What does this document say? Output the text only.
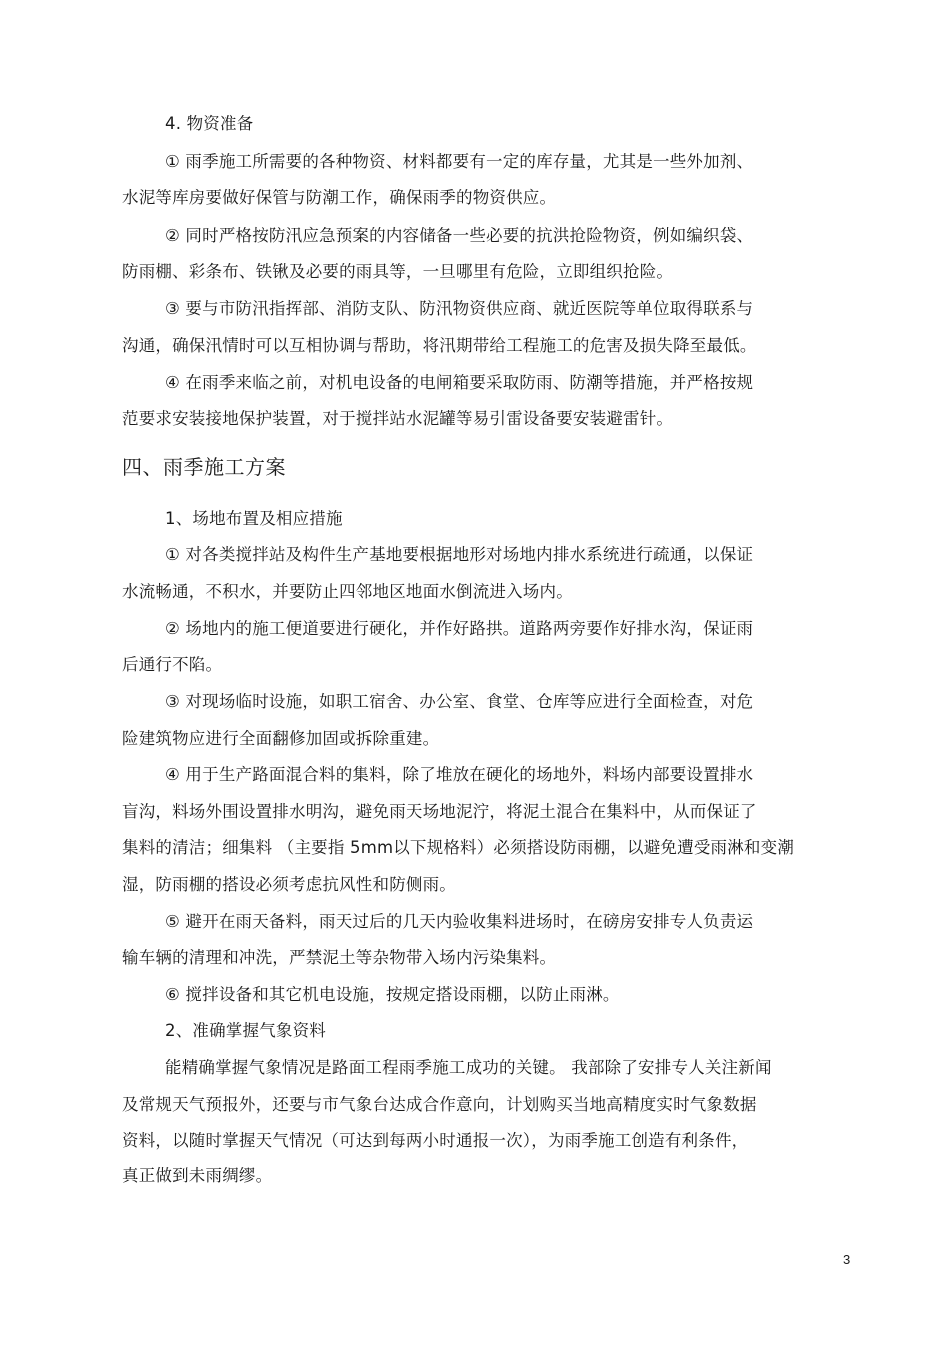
4. 物资准备
① 雨季施工所需要的各种物资、材料都要有一定的库存量，尤其是一些外加剂、
水泥等库房要做好保管与防潮工作，确保雨季的物资供应。
② 同时严格按防汛应急预案的内容储备一些必要的抗洪抢险物资，例如编织袋、
防雨棚、彩条布、铁锹及必要的雨具等，一旦哪里有危险，立即组织抢险。
③ 要与市防汛指挥部、消防支队、防汛物资供应商、就近医院等单位取得联系与
沟通，确保汛情时可以互相协调与帮助，将汛期带给工程施工的危害及损失降至最低。
④ 在雨季来临之前，对机电设备的电闸箱要采取防雨、防潮等措施，并严格按规
范要求安装接地保护装置，对于搅拌站水泥罐等易引雷设备要安装避雷针。
四、雨季施工方案
1、场地布置及相应措施
① 对各类搅拌站及构件生产基地要根据地形对场地内排水系统进行疏通，以保证
水流畅通，不积水，并要防止四邻地区地面水倒流进入场内。
② 场地内的施工便道要进行硬化，并作好路拱。道路两旁要作好排水沟，保证雨
后通行不陷。
③ 对现场临时设施，如职工宿舍、办公室、食堂、仓库等应进行全面检查，对危
险建筑物应进行全面翻修加固或拆除重建。
④ 用于生产路面混合料的集料，除了堆放在硬化的场地外，料场内部要设置排水
盲沟，料场外围设置排水明沟，避免雨天场地泥泞，将泥土混合在集料中，从而保证了
集料的清洁；细集料 （主要指 5mm以下规格料）必须搭设防雨棚，以避免遭受雨淋和变潮
湿，防雨棚的搭设必须考虑抗风性和防侧雨。
⑤ 避开在雨天备料，雨天过后的几天内验收集料进场时，在磅房安排专人负责运
输车辆的清理和冲洗，严禁泥土等杂物带入场内污染集料。
⑥ 搅拌设备和其它机电设施，按规定搭设雨棚，以防止雨淋。
2、准确掌握气象资料
能精确掌握气象情况是路面工程雨季施工成功的关键。 我部除了安排专人关注新闻
及常规天气预报外，还要与市气象台达成合作意向，计划购买当地高精度实时气象数据
资料，以随时掌握天气情况（可达到每两小时通报一次），为雨季施工创造有利条件，
真正做到未雨绸缪。
3
